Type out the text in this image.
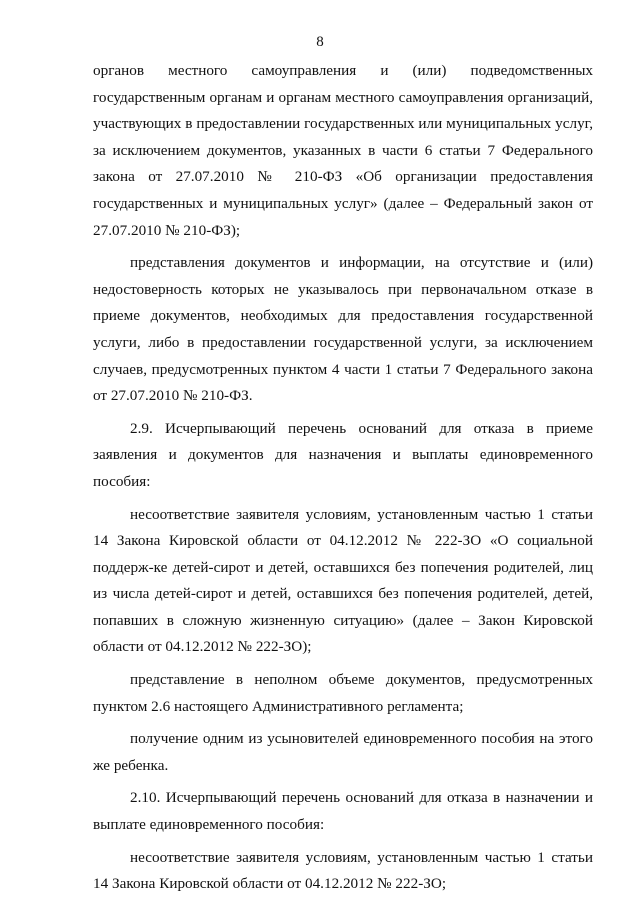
8

органов местного самоуправления и (или) подведомственных государственным органам и органам местного самоуправления организаций, участвующих в предоставлении государственных или муниципальных услуг, за исключением документов, указанных в части 6 статьи 7 Федерального закона от 27.07.2010 № 210-ФЗ «Об организации предоставления государственных и муниципальных услуг» (далее – Федеральный закон от 27.07.2010 № 210-ФЗ);

представления документов и информации, на отсутствие и (или) недостоверность которых не указывалось при первоначальном отказе в приеме документов, необходимых для предоставления государственной услуги, либо в предоставлении государственной услуги, за исключением случаев, предусмотренных пунктом 4 части 1 статьи 7 Федерального закона от 27.07.2010 № 210-ФЗ.

2.9. Исчерпывающий перечень оснований для отказа в приеме заявления и документов для назначения и выплаты единовременного пособия:

несоответствие заявителя условиям, установленным частью 1 статьи 14 Закона Кировской области от 04.12.2012 № 222-ЗО «О социальной поддерж-ке детей-сирот и детей, оставшихся без попечения родителей, лиц из числа детей-сирот и детей, оставшихся без попечения родителей, детей, попавших в сложную жизненную ситуацию» (далее – Закон Кировской области от 04.12.2012 № 222-ЗО);

представление в неполном объеме документов, предусмотренных пунктом 2.6 настоящего Административного регламента;

получение одним из усыновителей единовременного пособия на этого же ребенка.

2.10. Исчерпывающий перечень оснований для отказа в назначении и выплате единовременного пособия:

несоответствие заявителя условиям, установленным частью 1 статьи 14 Закона Кировской области от 04.12.2012 № 222-ЗО;
